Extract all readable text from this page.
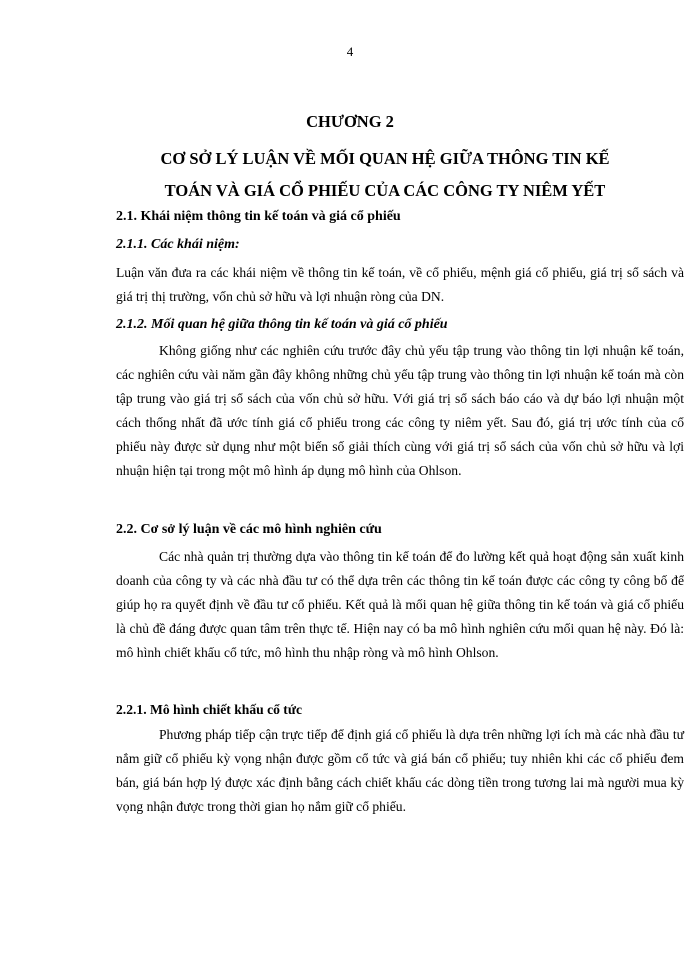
4
CHƯƠNG 2
CƠ SỞ LÝ LUẬN VỀ MỐI QUAN HỆ GIỮA THÔNG TIN KẾ
TOÁN VÀ GIÁ CỔ PHIẾU CỦA CÁC CÔNG TY NIÊM YẾT
2.1. Khái niệm thông tin kế toán và giá cổ phiếu
2.1.1. Các khái niệm:
Luận văn đưa ra các khái niệm về thông tin kế toán, về cổ phiếu, mệnh giá cổ phiếu, giá trị sổ sách và giá trị thị trường, vốn chủ sở hữu và lợi nhuận ròng của DN.
2.1.2. Mối quan hệ giữa thông tin kế toán và giá cổ phiếu
Không giống như các nghiên cứu trước đây chủ yếu tập trung vào thông tin lợi nhuận kế toán, các nghiên cứu vài năm gần đây không những chủ yếu tập trung vào thông tin lợi nhuận kế toán mà còn tập trung vào giá trị sổ sách của vốn chủ sở hữu. Với giá trị sổ sách báo cáo và dự báo lợi nhuận một cách thống nhất đã ước tính giá cổ phiếu trong các công ty niêm yết. Sau đó, giá trị ước tính của cổ phiếu này được sử dụng như một biến số giải thích cùng với giá trị sổ sách của vốn chủ sở hữu và lợi nhuận hiện tại trong một mô hình áp dụng mô hình của Ohlson.
2.2. Cơ sở lý luận về các mô hình nghiên cứu
Các nhà quản trị thường dựa vào thông tin kế toán để đo lường kết quả hoạt động sản xuất kinh doanh của công ty và các nhà đầu tư có thể dựa trên các thông tin kế toán được các công ty công bố để giúp họ ra quyết định về đầu tư cổ phiếu. Kết quả là mối quan hệ giữa thông tin kế toán và giá cổ phiếu là chủ đề đáng được quan tâm trên thực tế. Hiện nay có ba mô hình nghiên cứu mối quan hệ này. Đó là: mô hình chiết khấu cổ tức, mô hình thu nhập ròng và mô hình Ohlson.
2.2.1. Mô hình chiết khấu cổ tức
Phương pháp tiếp cận trực tiếp để định giá cổ phiếu là dựa trên những lợi ích mà các nhà đầu tư nắm giữ cổ phiếu kỳ vọng nhận được gồm cổ tức và giá bán cổ phiếu; tuy nhiên khi các cổ phiếu đem bán, giá bán hợp lý được xác định bằng cách chiết khấu các dòng tiền trong tương lai mà người mua kỳ vọng nhận được trong thời gian họ nắm giữ cổ phiếu.
